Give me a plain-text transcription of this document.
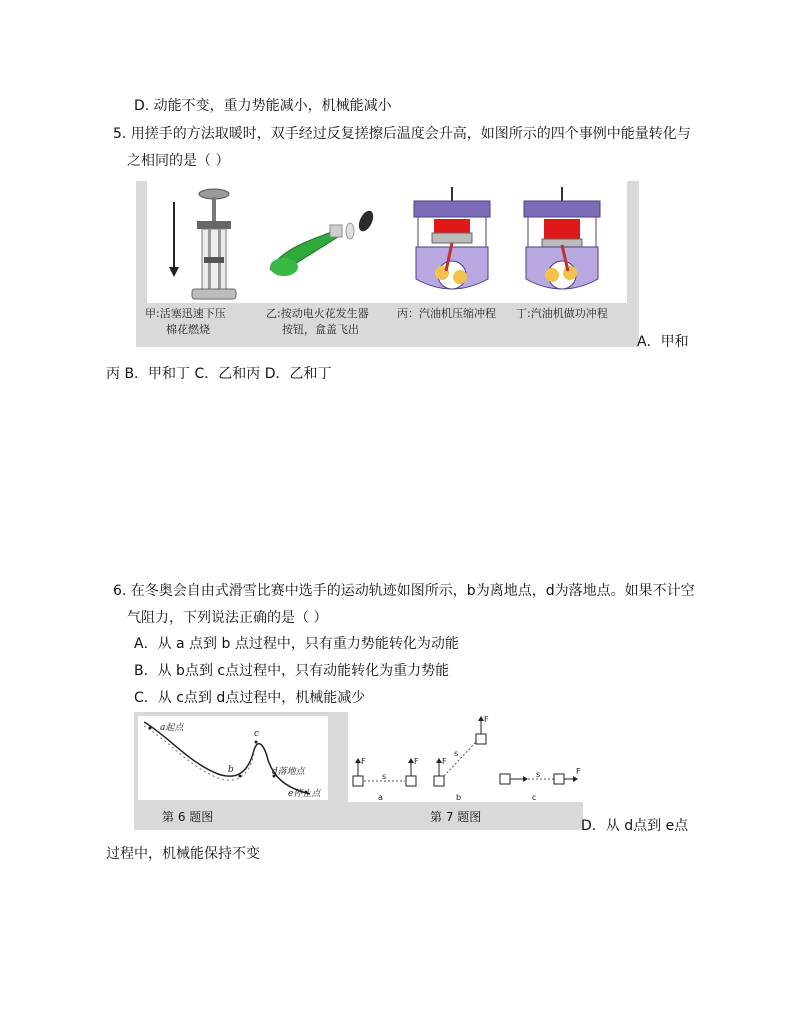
D. 动能不变，重力势能减小，机械能减小
5. 用搓手的方法取暖时，双手经过反复搓擦后温度会升高，如图所示的四个事例中能量转化与
之相同的是（ ）
甲:活塞迅速下压
棉花燃烧
乙:按动电火花发生器
按钮，盒盖飞出
丙：汽油机压缩冲程 丁:汽油机做功冲程
A．甲和
丙 B．甲和丁 C．乙和丙 D．乙和丁
6. 在冬奥会自由式滑雪比赛中选手的运动轨迹如图所示，b为离地点，d为落地点。如果不计空
气阻力，下列说法正确的是（ ）
A．从 a 点到 b 点过程中，只有重力势能转化为动能
B．从 b点到 c点过程中，只有动能转化为重力势能
C．从 c点到 d点过程中，机械能减少
a起点
b
c
d落地点
e停止点
F
s
F
a
F
s
F
b
s	F
c
第 6 题图	第 7 题图
D．从 d点到 e点
过程中，机械能保持不变
